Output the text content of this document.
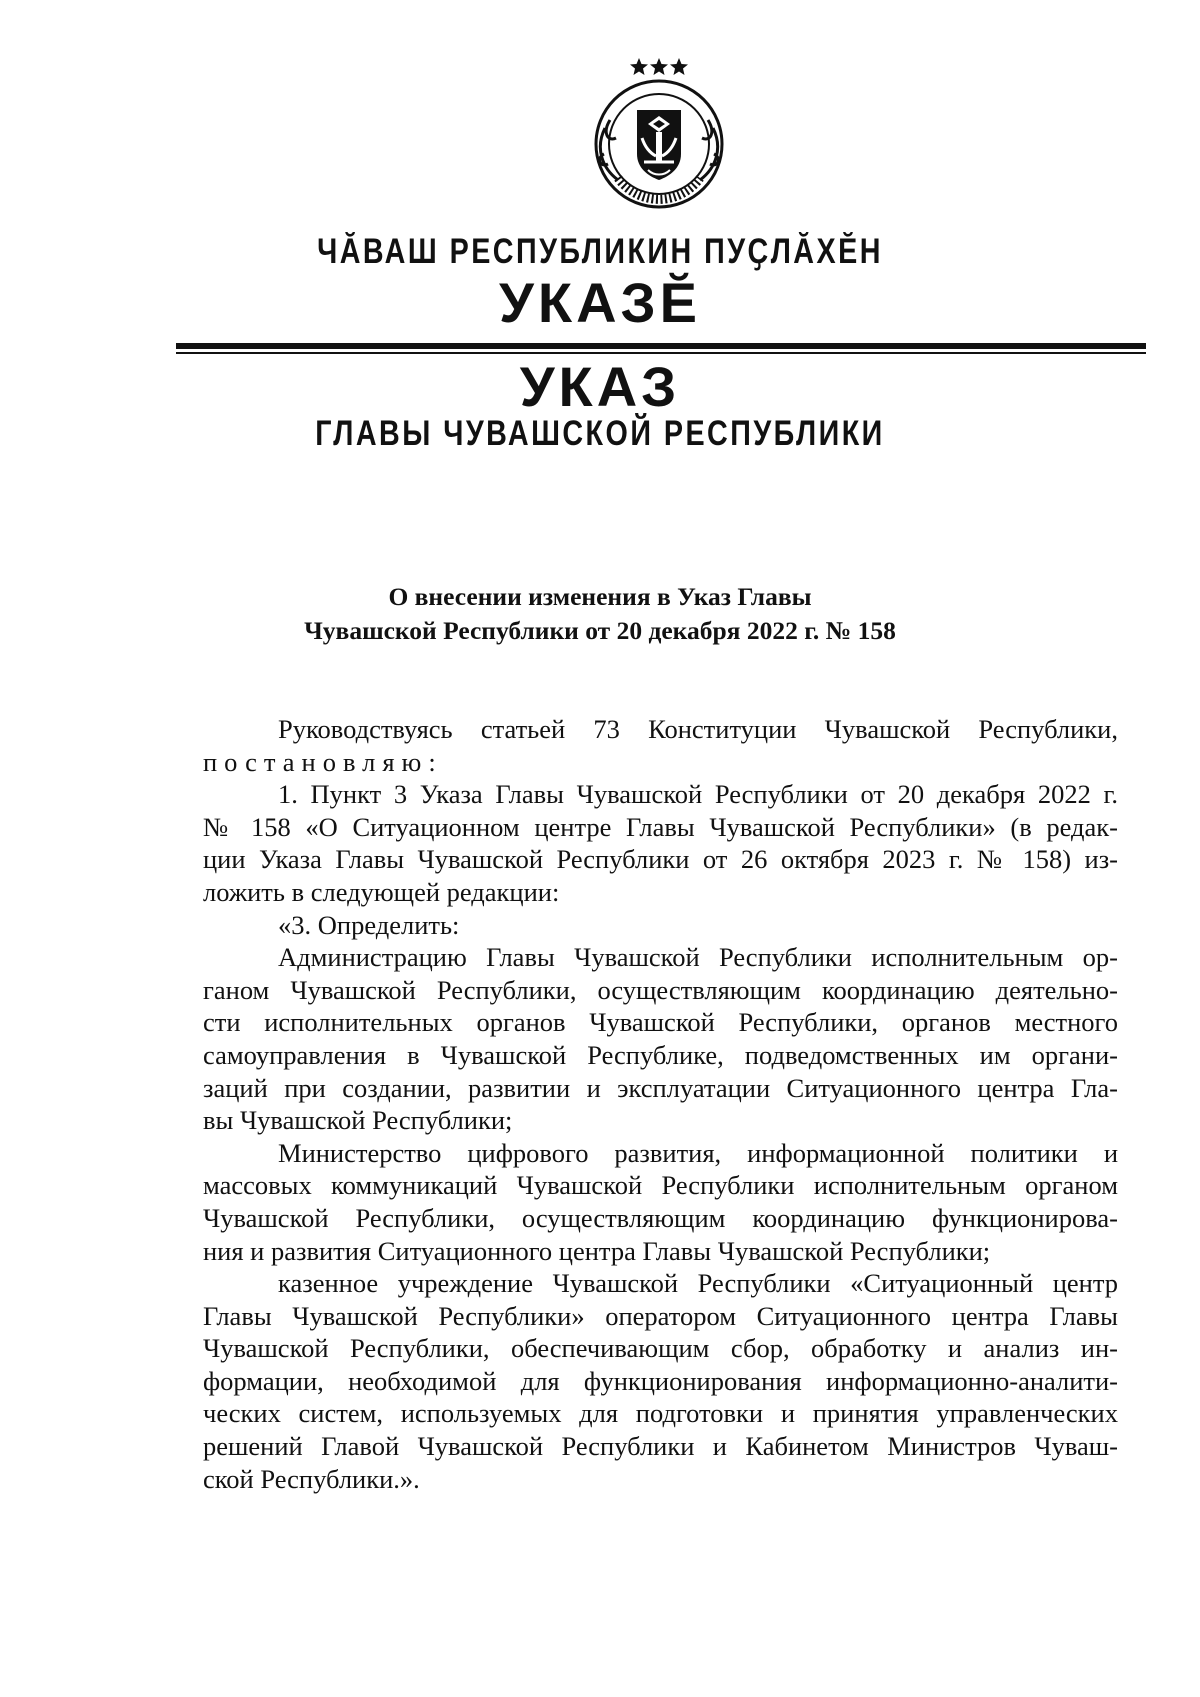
ЧӐВАШ РЕСПУБЛИКИН ПУҪЛӐХӖН
УКАЗӖ
УКАЗ
ГЛАВЫ ЧУВАШСКОЙ РЕСПУБЛИКИ
О внесении изменения в Указ Главы
Чувашской Республики от 20 декабря 2022 г. № 158
Руководствуясь статьей 73 Конституции Чувашской Республики,
постановляю:
1. Пункт 3 Указа Главы Чувашской Республики от 20 декабря 2022 г.
№ 158 «О Ситуационном центре Главы Чувашской Республики» (в редак-
ции Указа Главы Чувашской Республики от 26 октября 2023 г. № 158) из-
ложить в следующей редакции:
«3. Определить:
Администрацию Главы Чувашской Республики исполнительным ор-
ганом Чувашской Республики, осуществляющим координацию деятельно-
сти исполнительных органов Чувашской Республики, органов местного
самоуправления в Чувашской Республике, подведомственных им органи-
заций при создании, развитии и эксплуатации Ситуационного центра Гла-
вы Чувашской Республики;
Министерство цифрового развития, информационной политики и
массовых коммуникаций Чувашской Республики исполнительным органом
Чувашской Республики, осуществляющим координацию функционирова-
ния и развития Ситуационного центра Главы Чувашской Республики;
казенное учреждение Чувашской Республики «Ситуационный центр
Главы Чувашской Республики» оператором Ситуационного центра Главы
Чувашской Республики, обеспечивающим сбор, обработку и анализ ин-
формации, необходимой для функционирования информационно-аналити-
ческих систем, используемых для подготовки и принятия управленческих
решений Главой Чувашской Республики и Кабинетом Министров Чуваш-
ской Республики.».
